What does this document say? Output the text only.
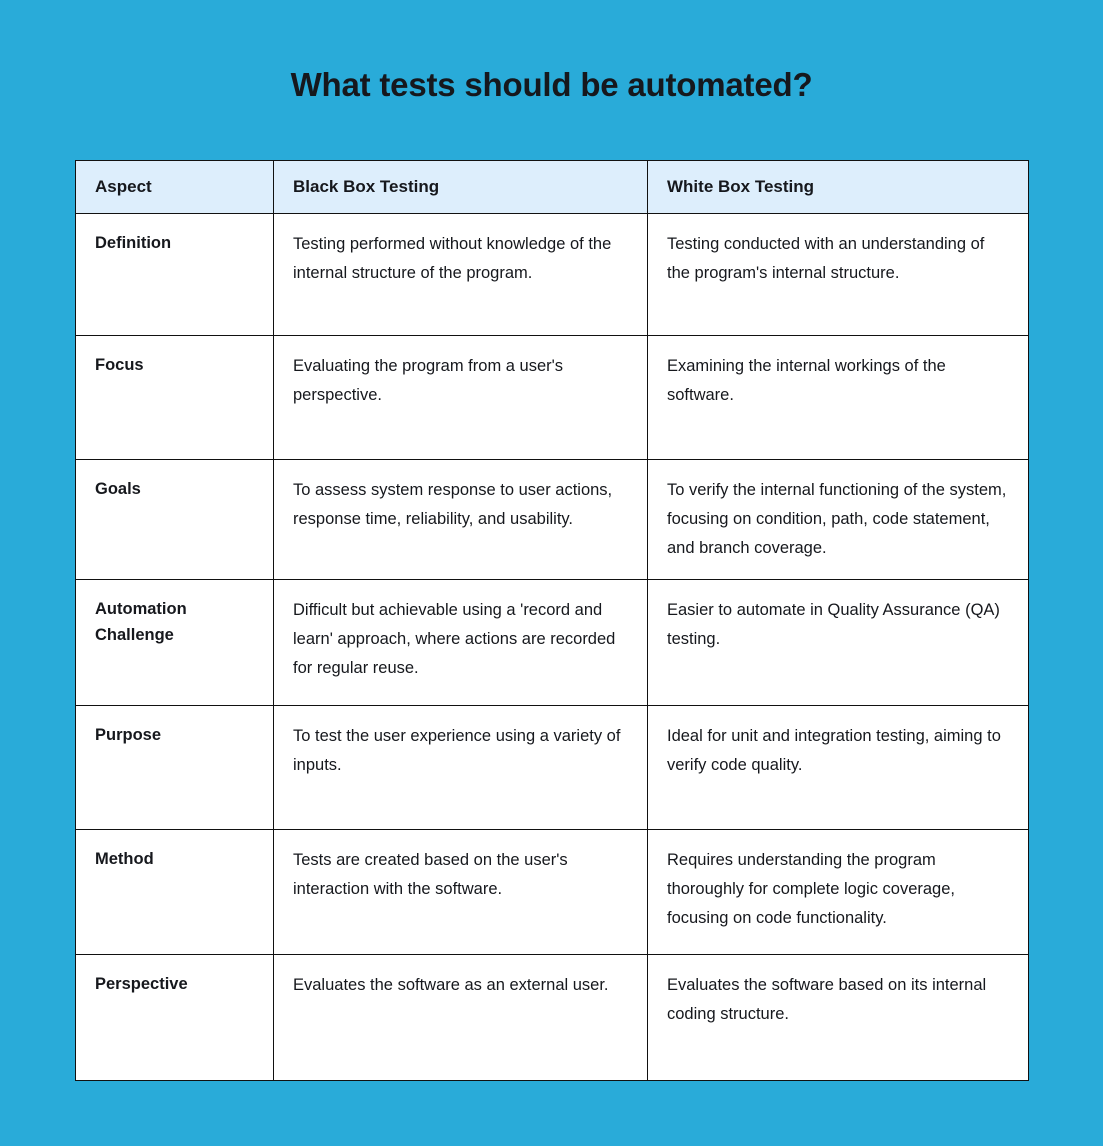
What tests should be automated?
Aspect	Black Box Testing	White Box Testing
Definition	Testing performed without knowledge of the internal structure of the program.	Testing conducted with an understanding of the program's internal structure.
Focus	Evaluating the program from a user's perspective.	Examining the internal workings of the software.
Goals	To assess system response to user actions, response time, reliability, and usability.	To verify the internal functioning of the system, focusing on condition, path, code statement, and branch coverage.
Automation Challenge	Difficult but achievable using a 'record and learn' approach, where actions are recorded for regular reuse.	Easier to automate in Quality Assurance (QA) testing.
Purpose	To test the user experience using a variety of inputs.	Ideal for unit and integration testing, aiming to verify code quality.
Method	Tests are created based on the user's interaction with the software.	Requires understanding the program thoroughly for complete logic coverage, focusing on code functionality.
Perspective	Evaluates the software as an external user.	Evaluates the software based on its internal coding structure.
